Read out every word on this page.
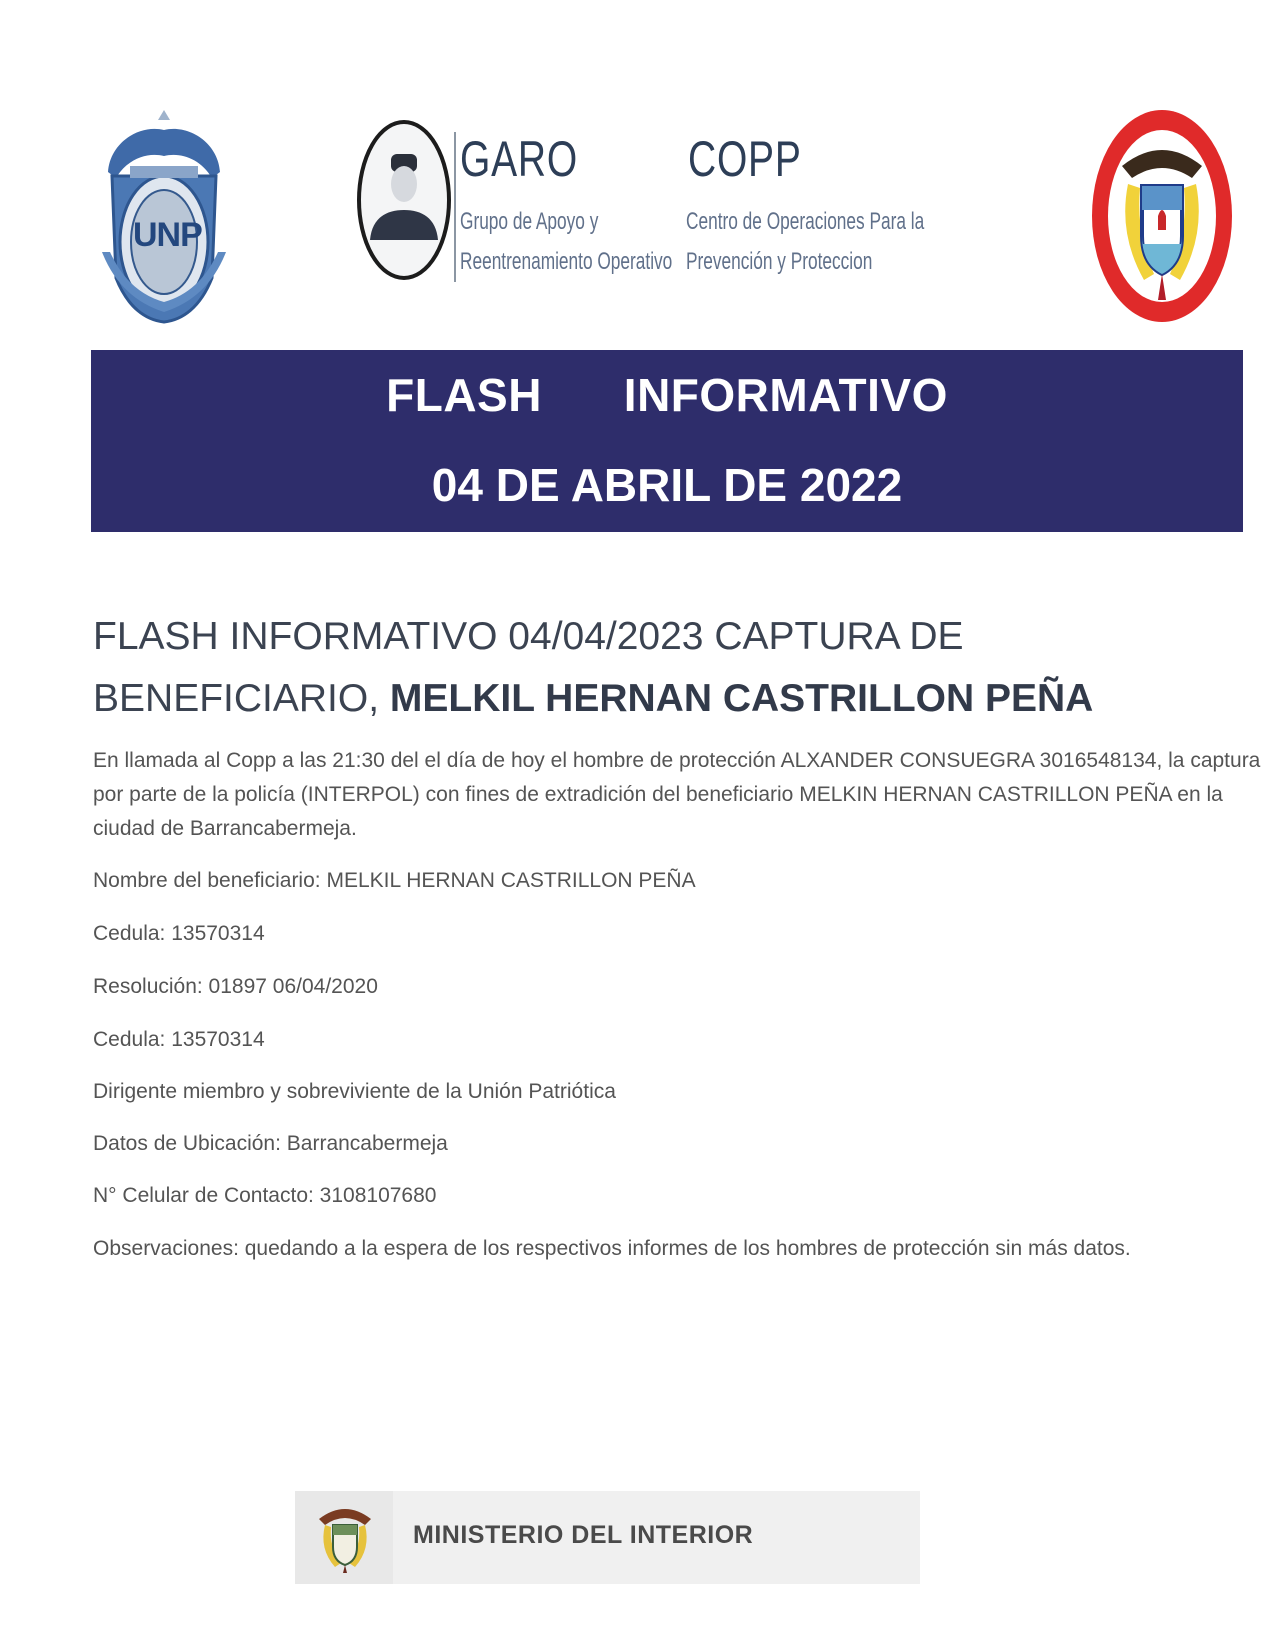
UNP
GARO
Grupo de Apoyo y
Reentrenamiento Operativo
COPP
Centro de Operaciones Para la
Prevención y Proteccion
FLASH   INFORMATIVO
04 DE ABRIL DE 2022
FLASH INFORMATIVO 04/04/2023 CAPTURA DE BENEFICIARIO, MELKIL HERNAN CASTRILLON PEÑA
En llamada al Copp a las 21:30 del el día de hoy el hombre de protección ALXANDER CONSUEGRA 3016548134, la captura por parte de la policía (INTERPOL) con fines de extradición del beneficiario MELKIN HERNAN CASTRILLON PEÑA en la ciudad de Barrancabermeja.
Nombre del beneficiario: MELKIL HERNAN CASTRILLON PEÑA
Cedula: 13570314
Resolución: 01897 06/04/2020
Cedula: 13570314
Dirigente miembro y sobreviviente de la Unión Patriótica
Datos de Ubicación: Barrancabermeja
N° Celular de Contacto: 3108107680
Observaciones: quedando a la espera de los respectivos informes de los hombres de protección sin más datos.
MINISTERIO DEL INTERIOR
